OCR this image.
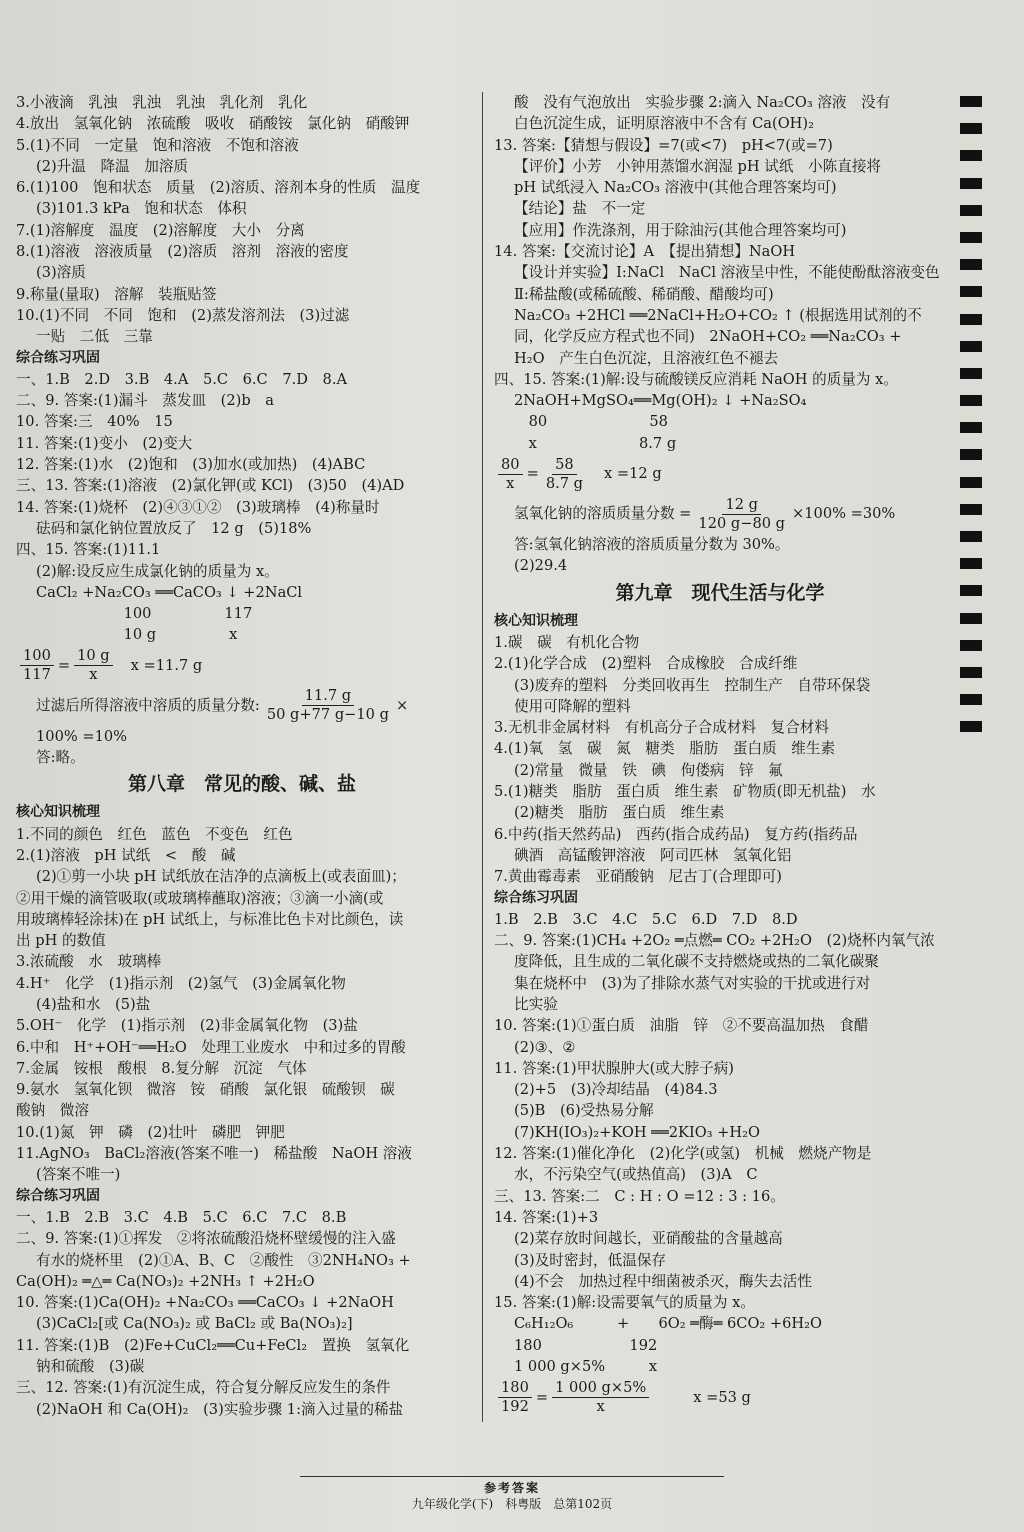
3.小液滴　乳浊　乳浊　乳浊　乳化剂　乳化
4.放出　氢氧化钠　浓硫酸　吸收　硝酸铵　氯化钠　硝酸钾
5.(1)不同　一定量　饱和溶液　不饱和溶液
(2)升温　降温　加溶质
6.(1)100　饱和状态　质量　(2)溶质、溶剂本身的性质　温度
(3)101.3 kPa　饱和状态　体积
7.(1)溶解度　温度　(2)溶解度　大小　分离
8.(1)溶液　溶液质量　(2)溶质　溶剂　溶液的密度
(3)溶质
9.称量(量取)　溶解　装瓶贴签
10.(1)不同　不同　饱和　(2)蒸发溶剂法　(3)过滤
一贴　二低　三靠
综合练习巩固
一、1.B　2.D　3.B　4.A　5.C　6.C　7.D　8.A
二、9. 答案:(1)漏斗　蒸发皿　(2)b　a
10. 答案:三　40%　15
11. 答案:(1)变小　(2)变大
12. 答案:(1)水　(2)饱和　(3)加水(或加热)　(4)ABC
三、13. 答案:(1)溶液　(2)氯化钾(或 KCl)　(3)50　(4)AD
14. 答案:(1)烧杯　(2)④③①②　(3)玻璃棒　(4)称量时
砝码和氯化钠位置放反了　12 g　(5)18%
四、15. 答案:(1)11.1
(2)解:设反应生成氯化钠的质量为 x。
CaCl₂ +Na₂CO₃ ══CaCO₃ ↓ +2NaCl
　　　　　　100　　　　　117
　　　　　　10 g　　　　　x
$\frac{100}{117} = \frac{10 g}{x}$ x =11.7 g
过滤后所得溶液中溶质的质量分数: $\frac{11.7 g}{50 g+77 g-10 g}$ ×
100% =10%
答:略。
第八章　常见的酸、碱、盐
核心知识梳理
1.不同的颜色　红色　蓝色　不变色　红色
2.(1)溶液　pH 试纸　<　酸　碱
(2)①剪一小块 pH 试纸放在洁净的点滴板上(或表面皿)；
②用干燥的滴管吸取(或玻璃棒蘸取)溶液；③滴一小滴(或
用玻璃棒轻涂抹)在 pH 试纸上，与标准比色卡对比颜色，读
出 pH 的数值
3.浓硫酸　水　玻璃棒
4.H⁺　化学　(1)指示剂　(2)氢气　(3)金属氧化物
(4)盐和水　(5)盐
5.OH⁻　化学　(1)指示剂　(2)非金属氧化物　(3)盐
6.中和　H⁺+OH⁻══H₂O　处理工业废水　中和过多的胃酸
7.金属　铵根　酸根　8.复分解　沉淀　气体
9.氨水　氢氧化钡　微溶　铵　硝酸　氯化银　硫酸钡　碳
酸钠　微溶
10.(1)氮　钾　磷　(2)壮叶　磷肥　钾肥
11.AgNO₃　BaCl₂溶液(答案不唯一)　稀盐酸　NaOH 溶液
(答案不唯一)
综合练习巩固
一、1.B　2.B　3.C　4.B　5.C　6.C　7.C　8.B
二、9. 答案:(1)①挥发　②将浓硫酸沿烧杯壁缓慢的注入盛
有水的烧杯里　(2)①A、B、C　②酸性　③2NH₄NO₃ +
Ca(OH)₂ ═△═ Ca(NO₃)₂ +2NH₃ ↑ +2H₂O
10. 答案:(1)Ca(OH)₂ +Na₂CO₃ ══CaCO₃ ↓ +2NaOH
(3)CaCl₂[或 Ca(NO₃)₂ 或 BaCl₂ 或 Ba(NO₃)₂]
11. 答案:(1)B　(2)Fe+CuCl₂══Cu+FeCl₂　置换　氢氧化
钠和硫酸　(3)碳
三、12. 答案:(1)有沉淀生成，符合复分解反应发生的条件
(2)NaOH 和 Ca(OH)₂　(3)实验步骤 1:滴入过量的稀盐
酸　没有气泡放出　实验步骤 2:滴入 Na₂CO₃ 溶液　没有
白色沉淀生成，证明原溶液中不含有 Ca(OH)₂
13. 答案:【猜想与假设】=7(或<7)　pH<7(或=7)
【评价】小芳　小钟用蒸馏水润湿 pH 试纸　小陈直接将
pH 试纸浸入 Na₂CO₃ 溶液中(其他合理答案均可)
【结论】盐　不一定
【应用】作洗涤剂，用于除油污(其他合理答案均可)
14. 答案:【交流讨论】A　【提出猜想】NaOH
【设计并实验】Ⅰ:NaCl　NaCl 溶液呈中性，不能使酚酞溶液变色
Ⅱ:稀盐酸(或稀硫酸、稀硝酸、醋酸均可)
Na₂CO₃ +2HCl ══2NaCl+H₂O+CO₂ ↑ (根据选用试剂的不
同，化学反应方程式也不同)　2NaOH+CO₂ ══Na₂CO₃ +
H₂O　产生白色沉淀，且溶液红色不褪去
四、15. 答案:(1)解:设与硫酸镁反应消耗 NaOH 的质量为 x。
2NaOH+MgSO₄══Mg(OH)₂ ↓ +Na₂SO₄
　80　　　　　　　58
　x　　　　　　　8.7 g
$\frac{80}{x} = \frac{58}{8.7 g}$ x =12 g
氢氧化钠的溶质质量分数 = $\frac{12 g}{120 g-80 g} \times 100\% =30\%$
答:氢氧化钠溶液的溶质质量分数为 30%。
(2)29.4
第九章　现代生活与化学
核心知识梳理
1.碳　碳　有机化合物
2.(1)化学合成　(2)塑料　合成橡胶　合成纤维
(3)废弃的塑料　分类回收再生　控制生产　自带环保袋
使用可降解的塑料
3.无机非金属材料　有机高分子合成材料　复合材料
4.(1)氧　氢　碳　氮　糖类　脂肪　蛋白质　维生素
(2)常量　微量　铁　碘　佝偻病　锌　氟
5.(1)糖类　脂肪　蛋白质　维生素　矿物质(即无机盐)　水
(2)糖类　脂肪　蛋白质　维生素
6.中药(指天然药品)　西药(指合成药品)　复方药(指药品
碘酒　高锰酸钾溶液　阿司匹林　氢氧化铝
7.黄曲霉毒素　亚硝酸钠　尼古丁(合理即可)
综合练习巩固
1.B　2.B　3.C　4.C　5.C　6.D　7.D　8.D
二、9. 答案:(1)CH₄ +2O₂ ═点燃═ CO₂ +2H₂O　(2)烧杯内氧气浓
度降低，且生成的二氧化碳不支持燃烧或热的二氧化碳聚
集在烧杯中　(3)为了排除水蒸气对实验的干扰或进行对
比实验
10. 答案:(1)①蛋白质　油脂　锌　②不要高温加热　食醋
(2)③、②
11. 答案:(1)甲状腺肿大(或大脖子病)
(2)+5　(3)冷却结晶　(4)84.3
(5)B　(6)受热易分解
(7)KH(IO₃)₂+KOH ══2KIO₃ +H₂O
12. 答案:(1)催化净化　(2)化学(或氢)　机械　燃烧产物是
水，不污染空气(或热值高)　(3)A　C
三、13. 答案:二　C : H : O =12 : 3 : 16。
14. 答案:(1)+3
(2)菜存放时间越长，亚硝酸盐的含量越高
(3)及时密封，低温保存
(4)不会　加热过程中细菌被杀灭，酶失去活性
15. 答案:(1)解:设需要氧气的质量为 x。
C₆H₁₂O₆　　　+　　6O₂ ═酶═ 6CO₂ +6H₂O
180　　　　　　192
1 000 g×5%　　　x
$\frac{180}{192} = \frac{1 000 g\times 5\%}{x}$	x =53 g
参考答案
九年级化学(下)　科粤版　总第102页
